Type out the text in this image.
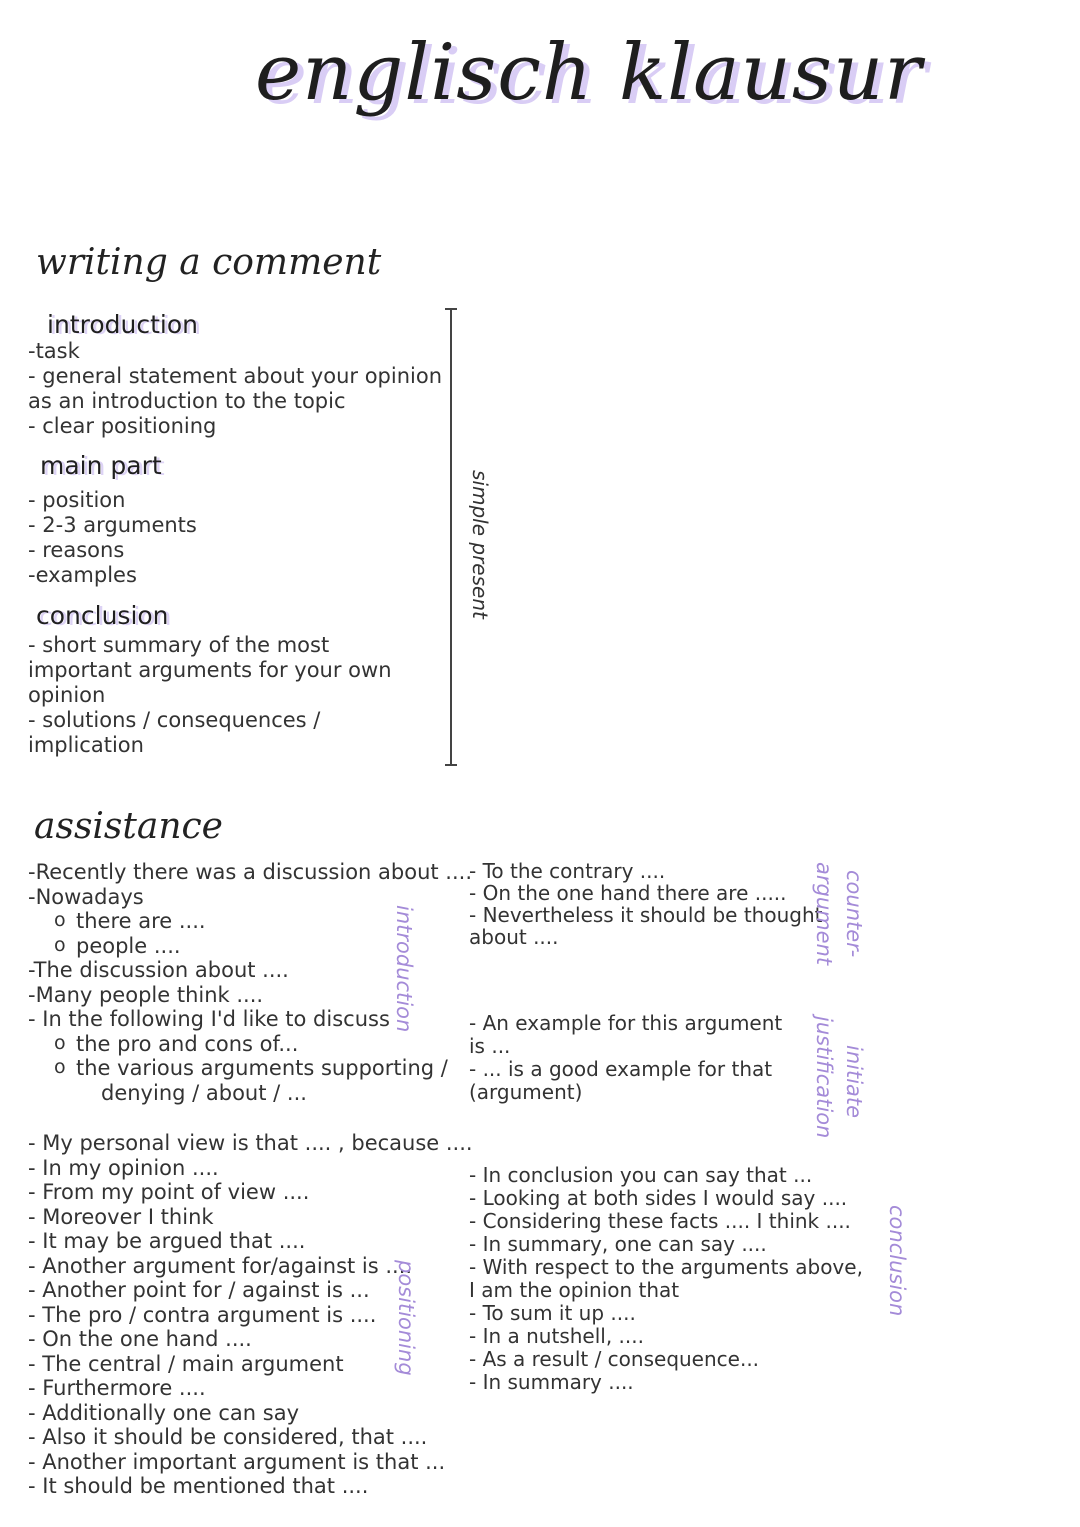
englisch klausur
writing a comment
introduction
-task
- general statement about your opinion
as an introduction to the topic
- clear positioning
main part
- position
- 2-3 arguments
- reasons
-examples
conclusion
- short summary of the most
important arguments for your own
opinion
- solutions / consequences /
implication
simple present
assistance
-Recently there was a discussion about ....
-Nowadays
o there are ....
o people ....
-The discussion about ....
-Many people think ....
- In the following I'd like to discuss
o the pro and cons of...
o the various arguments supporting /
denying / about / ...
introduction
- My personal view is that .... , because ....
- In my opinion ....
- From my point of view ....
- Moreover I think
- It may be argued that ....
- Another argument for/against is ....
- Another point for / against is ...
- The pro / contra argument is ....
- On the one hand ....
- The central / main argument
- Furthermore ....
- Additionally one can say
- Also it should be considered, that ....
- Another important argument is that ...
- It should be mentioned that ....
positioning
- To the contrary ....
- On the one hand there are .....
- Nevertheless it should be thought
about ....	counter-
argument
- An example for this argument
is ...
- ... is a good example for that
(argument)	initiate
justification
- In conclusion you can say that ...
- Looking at both sides I would say ....
- Considering these facts .... I think ....
- In summary, one can say ....
- With respect to the arguments above,
I am the opinion that
- To sum it up ....
- In a nutshell, ....
- As a result / consequence...
- In summary ....
conclusion
